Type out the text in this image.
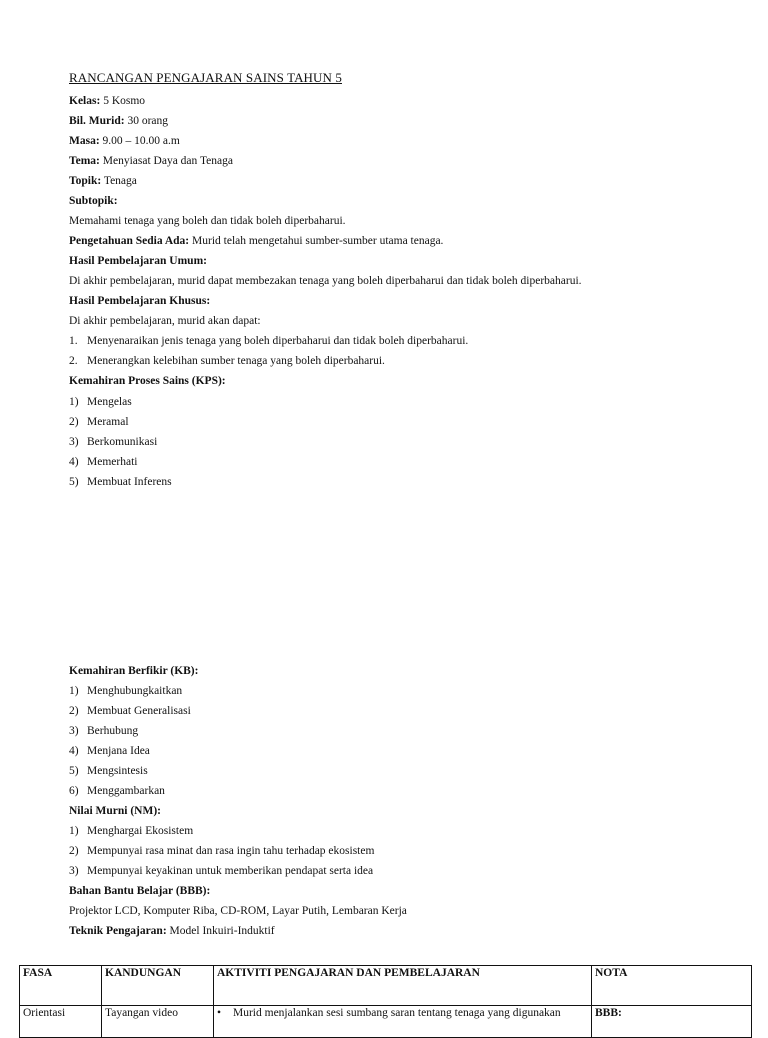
RANCANGAN PENGAJARAN SAINS TAHUN 5
Kelas: 5 Kosmo
Bil. Murid: 30 orang
Masa: 9.00 – 10.00 a.m
Tema: Menyiasat Daya dan Tenaga
Topik: Tenaga
Subtopik:
Memahami tenaga yang boleh dan tidak boleh diperbaharui.
Pengetahuan Sedia Ada: Murid telah mengetahui sumber-sumber utama tenaga.
Hasil Pembelajaran Umum:
Di akhir pembelajaran, murid dapat membezakan tenaga yang boleh diperbaharui dan tidak boleh diperbaharui.
Hasil Pembelajaran Khusus:
Di akhir pembelajaran, murid akan dapat:
1. Menyenaraikan jenis tenaga yang boleh diperbaharui dan tidak boleh diperbaharui.
2. Menerangkan kelebihan sumber tenaga yang boleh diperbaharui.
Kemahiran Proses Sains (KPS):
1) Mengelas
2) Meramal
3) Berkomunikasi
4) Memerhati
5) Membuat Inferens
Kemahiran Berfikir (KB):
1) Menghubungkaitkan
2) Membuat Generalisasi
3) Berhubung
4) Menjana Idea
5) Mengsintesis
6) Menggambarkan
Nilai Murni (NM):
1) Menghargai Ekosistem
2) Mempunyai rasa minat dan rasa ingin tahu terhadap ekosistem
3) Mempunyai keyakinan untuk memberikan pendapat serta idea
Bahan Bantu Belajar (BBB):
Projektor LCD, Komputer Riba, CD-ROM, Layar Putih, Lembaran Kerja
Teknik Pengajaran: Model Inkuiri-Induktif
FASA	KANDUNGAN	AKTIVITI PENGAJARAN DAN PEMBELAJARAN	NOTA
Orientasi	Tayangan video	• Murid menjalankan sesi sumbang saran tentang tenaga yang digunakan	BBB:
